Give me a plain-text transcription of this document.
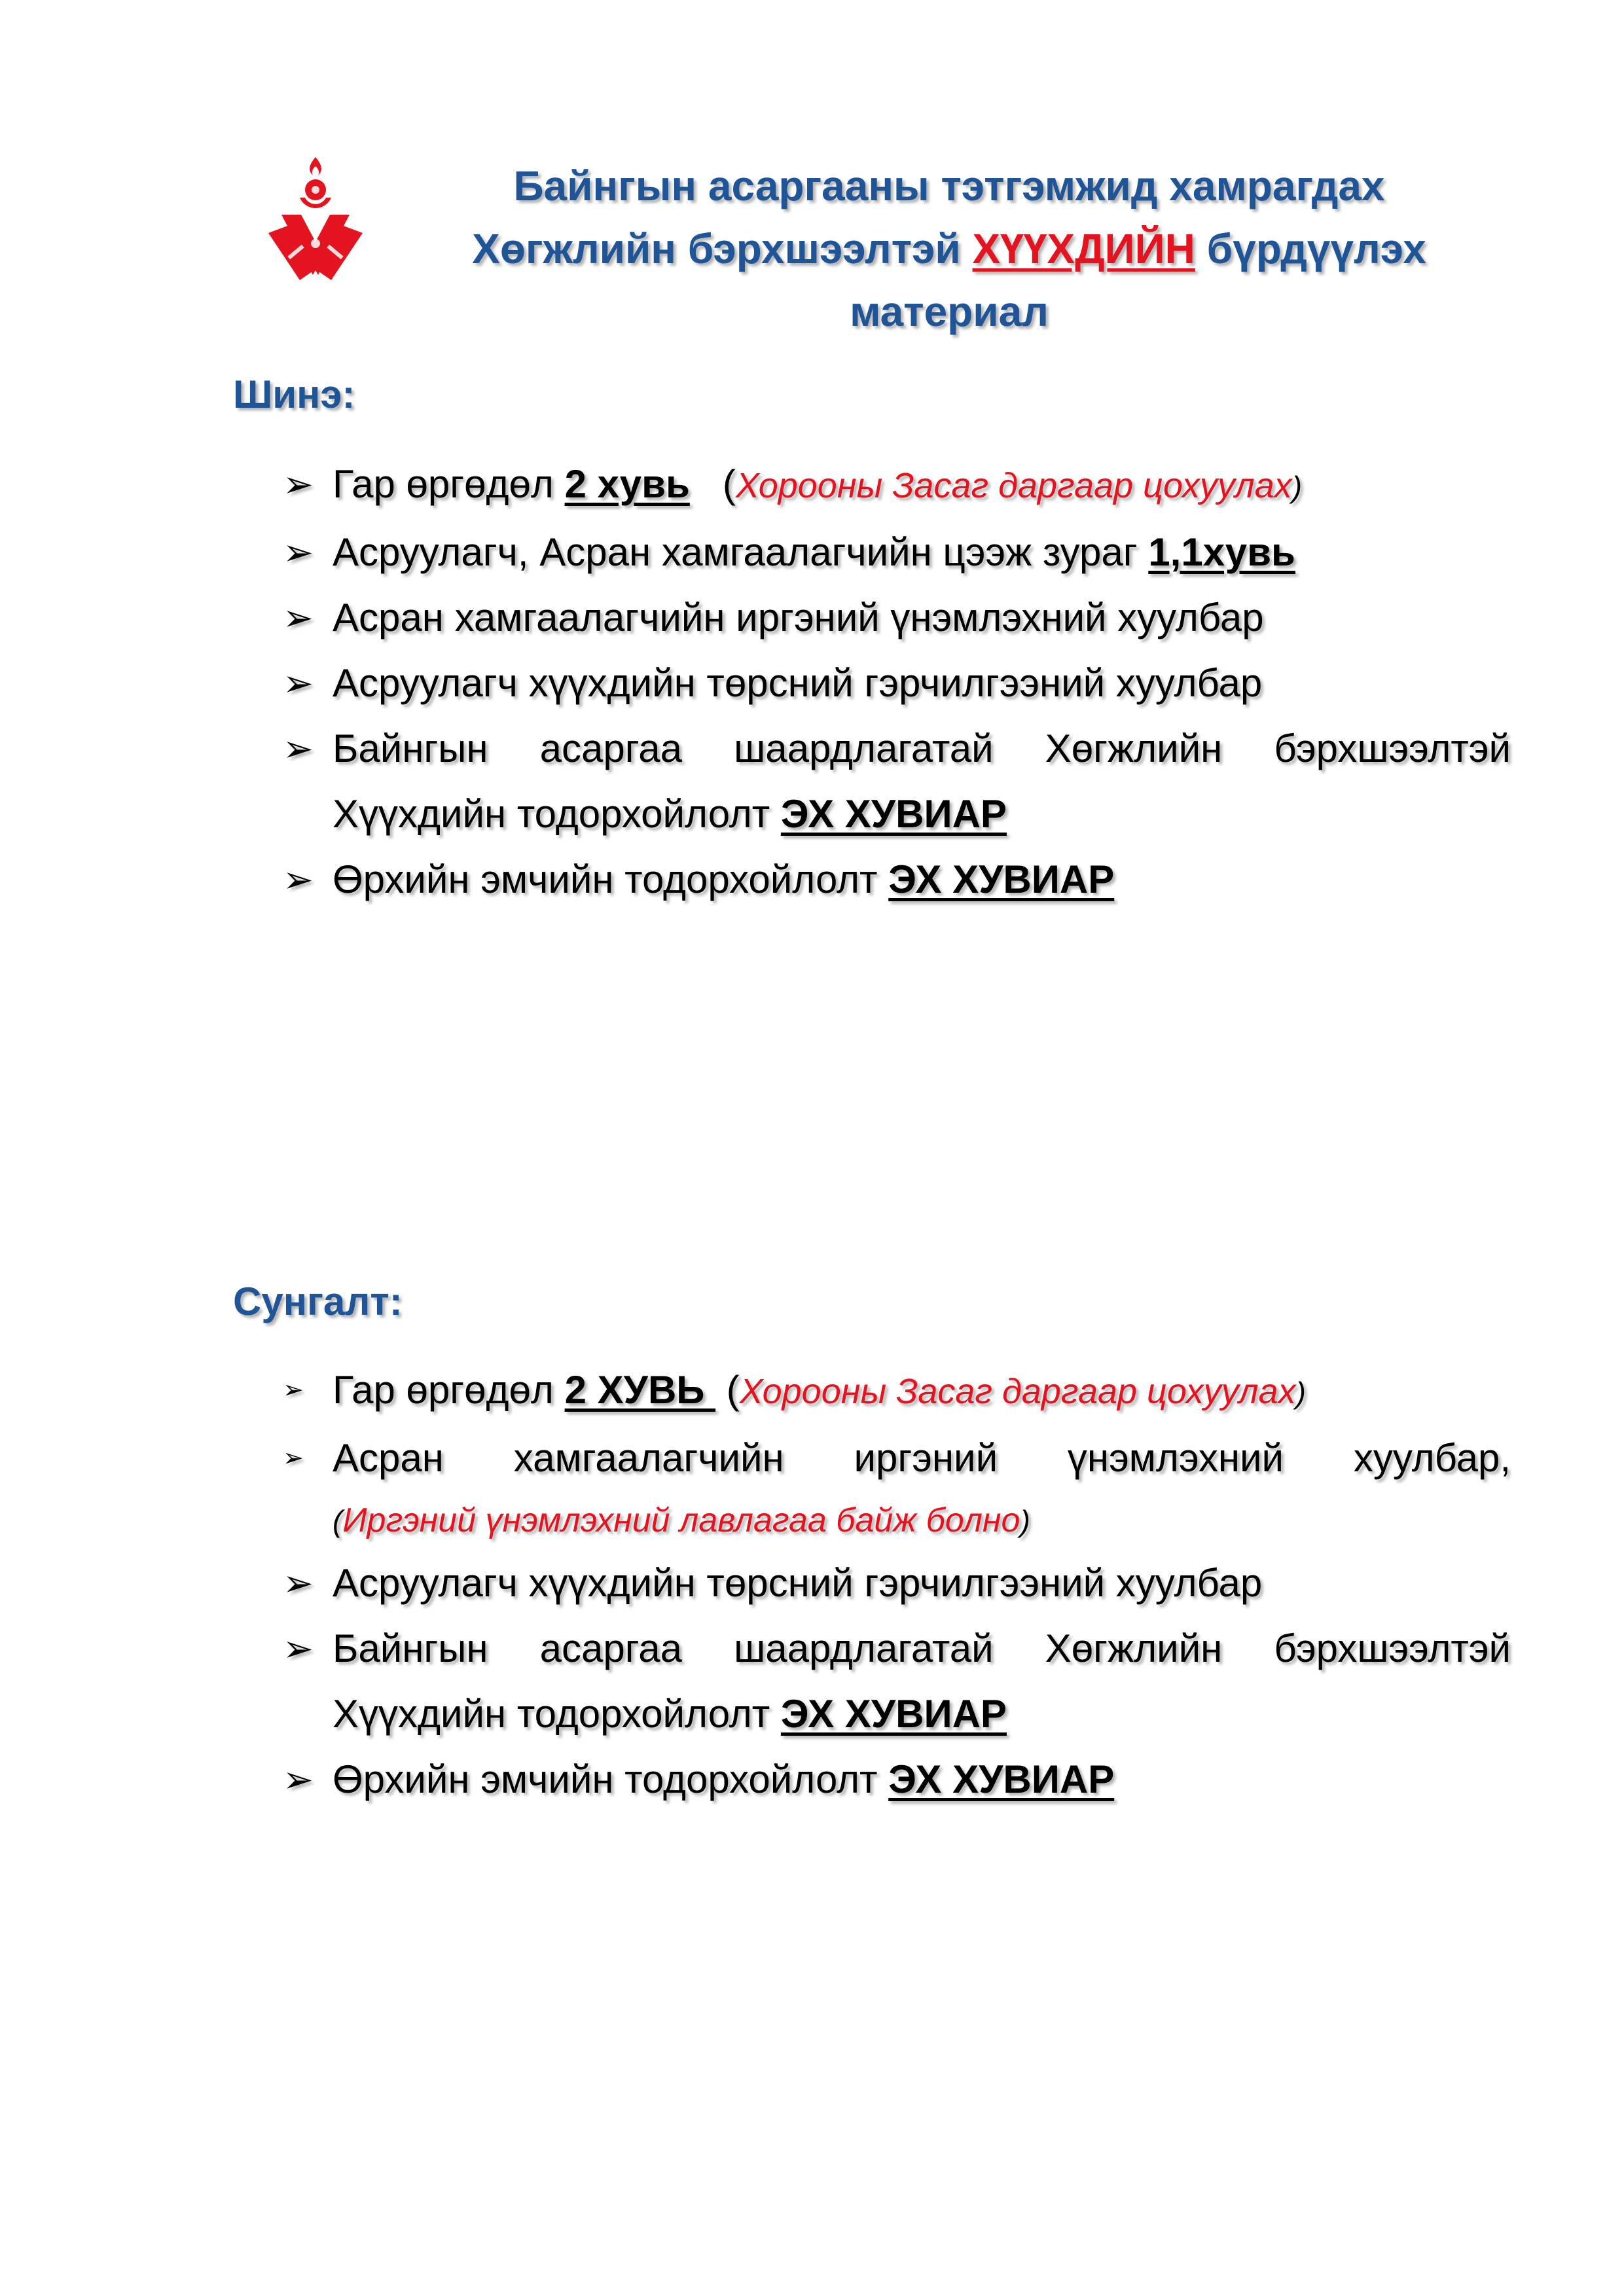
Байнгын асаргааны тэтгэмжид хамрагдах
Хөгжлийн бэрхшээлтэй ХҮҮХДИЙН бүрдүүлэх
материал
Шинэ:
➢ Гар өргөдөл 2 хувь (Хорооны Засаг даргаар цохуулах)
➢ Асруулагч, Асран хамгаалагчийн цээж зураг 1,1хувь
➢ Асран хамгаалагчийн иргэний үнэмлэхний хуулбар
➢ Асруулагч хүүхдийн төрсний гэрчилгээний хуулбар
➢ Байнгын асаргаа шаардлагатай Хөгжлийн бэрхшээлтэй
Хүүхдийн тодорхойлолт ЭХ ХУВИАР
➢ Өрхийн эмчийн тодорхойлолт ЭХ ХУВИАР
Сунгалт:
➢ Гар өргөдөл 2 ХУВЬ  (Хорооны Засаг даргаар цохуулах)
➢ Асран хамгаалагчийн иргэний үнэмлэхний хуулбар,
(Иргэний үнэмлэхний лавлагаа байж болно)
➢ Асруулагч хүүхдийн төрсний гэрчилгээний хуулбар
➢ Байнгын асаргаа шаардлагатай Хөгжлийн бэрхшээлтэй
Хүүхдийн тодорхойлолт ЭХ ХУВИАР
➢ Өрхийн эмчийн тодорхойлолт ЭХ ХУВИАР
